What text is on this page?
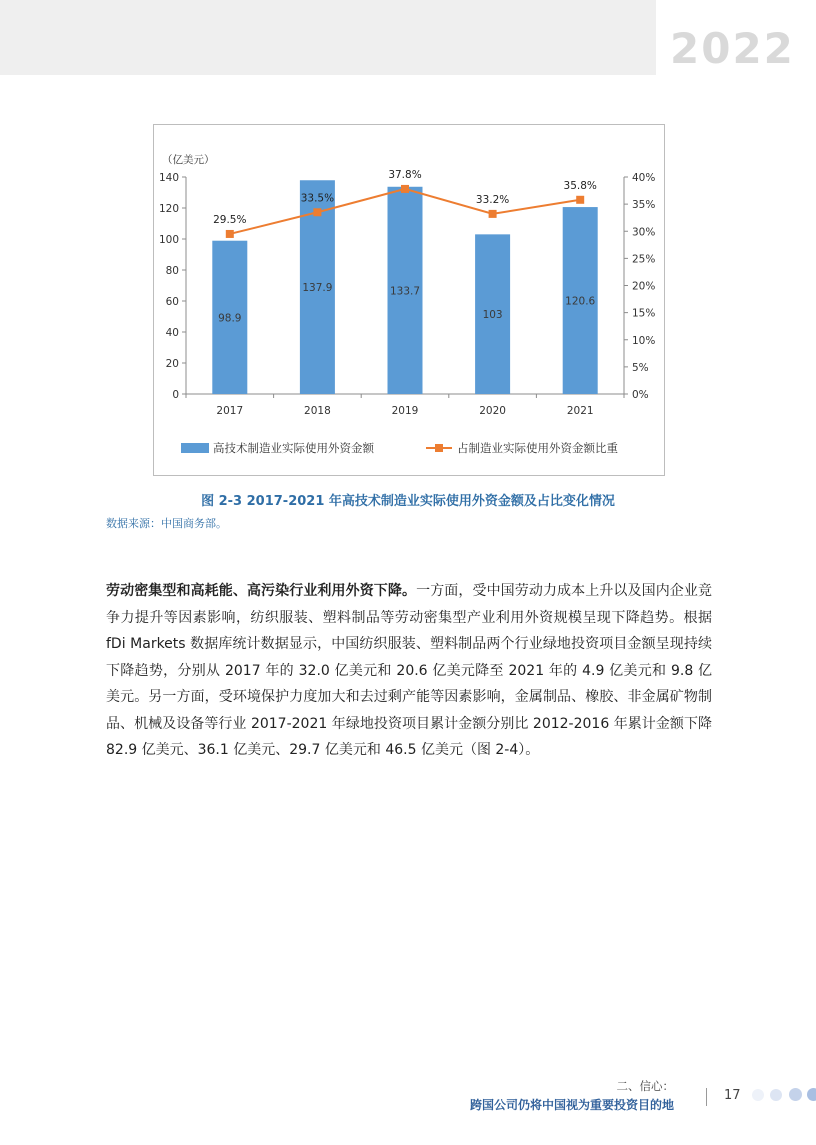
2022
（亿美元）
0
20
40
60
80
100
120
140
0%
5%
10%
15%
20%
25%
30%
35%
40%
2017	2018	2019	2020	2021
98.9
137.9	133.7
103
120.6
29.5%
33.5%
37.8%
33.2%
35.8%
高技术制造业实际使用外资金额	占制造业实际使用外资金额比重
图 2-3 2017-2021 年高技术制造业实际使用外资金额及占比变化情况
数据来源：中国商务部。
劳动密集型和高耗能、高污染行业利用外资下降。一方面，受中国劳动力成本上升以及国内企业竞争力提升等因素影响，纺织服装、塑料制品等劳动密集型产业利用外资规模呈现下降趋势。根据 fDi Markets 数据库统计数据显示，中国纺织服装、塑料制品两个行业绿地投资项目金额呈现持续下降趋势，分别从 2017 年的 32.0 亿美元和 20.6 亿美元降至 2021 年的 4.9 亿美元和 9.8 亿美元。另一方面，受环境保护力度加大和去过剩产能等因素影响，金属制品、橡胶、非金属矿物制品、机械及设备等行业 2017-2021 年绿地投资项目累计金额分别比 2012-2016 年累计金额下降 82.9 亿美元、36.1 亿美元、29.7 亿美元和 46.5 亿美元（图 2-4）。
二、信心：
跨国公司仍将中国视为重要投资目的地
17
